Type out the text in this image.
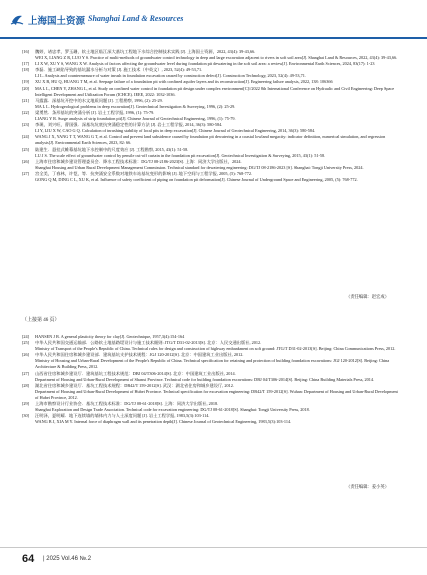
上海国土资源 Shanghai Land & Resources
[16] 魏婷，诸忠孝，罗玉珊，软土地区临江深大基坑工程地下水综合控制技术实践 [J]. 上海国土资源，2022, 43(4): 39-43,66.
WEI X, LIANG Z R, LUO Y S. Practice of multi-methods of groundwater control technology in deep and large excavation adjacent to rivers in soft soil area[J]. Shanghai Land & Resources, 2022, 43(4): 39-43,66.
[17] LI X W, XU Y S, WANG X W. Analysis of factors affecting the groundwater level during foundation pit dewatering in the soft soil area: a review[J]. Environmental Earth Sciences, 2024, 83(17): 1-23
[18] 李磊．施工缺陷导致的基坑漏水分析与对策 [J]. 施工技术（中英文）, 2023, 52(4): 49-53,71.
LI L. Analysis and countermeasure of water inrush in foundation excavation caused by construction defect[J]. Construction Technology, 2023, 52(4): 49-53,71.
[19] XU X B, HU Q, HUANG T M, et al. Seepage failure of a foundation pit with confined aquifer layers and its reconstruction[J]. Engineering failure analysis, 2022, 138: 106366
[20] MA L L, CHEN Y, ZHANG L, et al. Study on confined water control in foundation pit design under complex environment[C]//2022 8th International Conference on Hydraulic and Civil Engineering: Deep Space Intelligent Development and Utilization Forum (ICHCE). IEEE, 2022: 1032-1036.
[21] 马露露．深基坑开挖中的水文地质问题 [J]. 工程勘察, 1996, (2): 25-29.
MA L L. Hydrogeological problems in deep excavation[J]. Geotechnical Investigation & Surveying, 1996, (2): 25-29.
[22] 梁勇然．条形基坑的突涌分析 [J]. 岩土工程学报, 1996, (1): 75-79.
LIANG Y R. Surge analysis of strip foundation pit[J]. Chinese Journal of Geotechnical Engineering, 1996, (1): 75-79.
[23] 李瑛，刘兴旺，曹国强．深基坑坑底抗突涌稳定性的计算方法 [J]. 岩土工程学报, 2014, 36(3): 580-584.
LI Y, LIU X W, CAO G Q. Calculation of inrushing stability of local pits in deep excavation[J]. Chinese Journal of Geotechnical Engineering, 2014, 36(3): 580-584.
[24] WANG J X, YANG T T, WANG G T, et al. Control and prevent land subsidence caused by foundation pit dewatering in a coastal lowland megacity: indicator definition, numerical simulation, and regression analysis[J]. Environmental Earth Sciences, 2023, 82: 66.
[25] 陆建生．悬挂式帷幕基坑地下水控制中的尺度效应 [J]. 工程勘察, 2015, 43(1): 51-58.
LU J S. The scale effect of groundwater control by pensile cut-off curtain in the foundation pit excavation[J]. Geotechnical Investigation & Surveying, 2015, 43(1): 51-58.
[26] 上海市住房和城乡建设管理委员会．降水工程技术标准：DG/TJ 08-2186-2023[S]. 上海：同济大学出版社，2024.
Shanghai Housing and Urban Rural Development Management Commission. Technical standard for dewatering engineering: DG/TJ 08-2186-2023 [S]. Shanghai: Tongji University Press, 2024.
[27] 宫全美，丁春林，许恺，等．抗突涌安全系数对地铁车站基坑变形的影响 [J]. 地下空间与工程学报, 2005, (5): 768-772.
GONG Q M, DING C L, XU K, et al. Influence of safety coefficient of piping on foundation pit deformation[J]. Chinese Journal of Underground Space and Engineering, 2005, (5): 768-772.
（责任编辑：赵宏成）
（上接第 46 页）
[24] HANSEN J B. A general plasticity theory for clay[J]. Geotechnique, 1957,3(4):154-164
[25] 中华人民共和国交通运输部．公路软土地基路堤设计与施工技术细则: JTG/T D31-02-2013[S]. 北京：人民交通出版社, 2012.
Ministry of Transport of the People's Republic of China. Technical rules for design and construction of highway embankment on soft ground: JTG/T D31-02-2013[S]. Beijing: China Communications Press, 2012.
[26] 中华人民共和国住房和城乡建设部．建筑基坑支护技术规程：JGJ 120-2012[S]. 北京：中国建筑工业出版社, 2012.
Ministry of Housing and Urban-Rural Development of the People's Republic of China. Technical specification for retaining and protection of building foundation excavations: JGJ 120-2012[S]. Beijing: China Architecture & Building Press, 2012.
[27] 山西省住房和城乡建设厅．建筑基坑工程技术规范：DBJ 04/T306-2014[S]. 北京：中国建筑工业出版社, 2014.
Department of Housing and Urban-Rural Development of Shanxi Province. Technical code for building foundation excavations: DBJ 04/T306-2014[S]. Beijing: China Building Materials Press, 2014.
[28] 湖北省住房和城乡建设厅．基坑工程技术规程：DB42/T 159-2012[S]. 武汉：湖北省住房和城乡建设厅, 2012.
Department of Housing and Urban-Rural Development of Hubei Province. Technical specification for excavation engineering: DB42/T 159-2012[S]. Wuhan: Department of Housing and Urban-Rural Development of Hubei Province, 2012.
[29] 上海市勘察设计行业协会．基坑工程技术标准：DG/TJ 08-61-2018[S]. 上海：同济大学出版社, 2018.
Shanghai Exploration and Design Trade Association. Technical code for excavation engineering: DG/TJ 08-61-2018[S]. Shanghai: Tongji University Press, 2018.
[30] 汪明泽，夏明耀．地下连续墙的墙体内力与人土深度问题 [J]. 岩土工程学报, 1983,5(3):103-114.
WANG B J, XIA M Y. Internal force of diaphragm wall and its penetration depth[J]. Chinese Journal of Geotechnical Engineering, 1983,5(3):103-114.
（责任编辑：姜小英）
64 | 2025 Vol.46 №.2
